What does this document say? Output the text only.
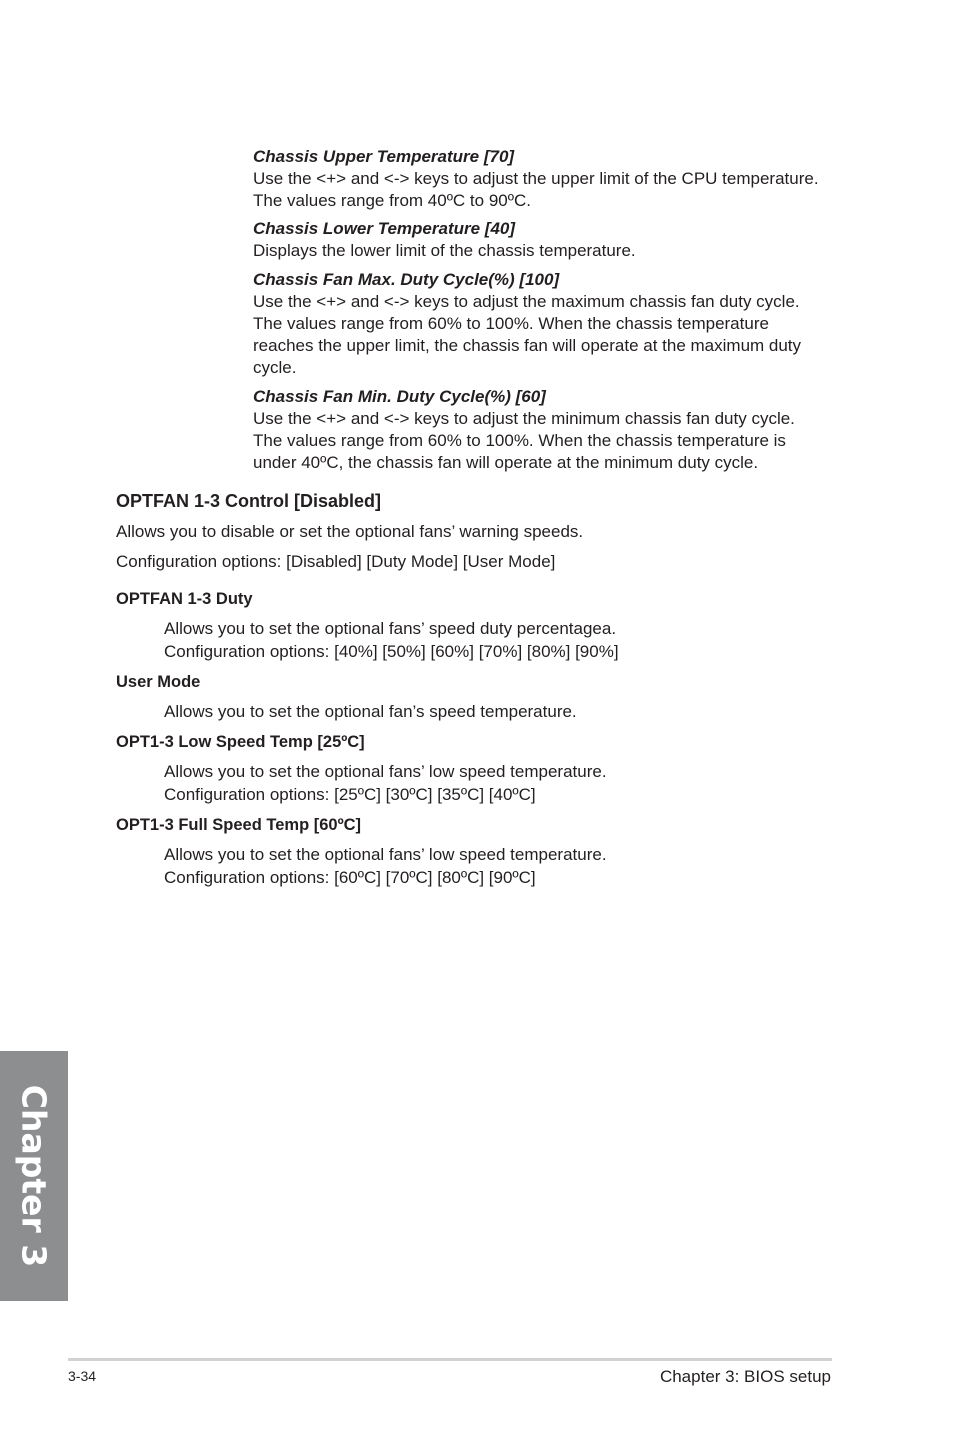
Chassis Upper Temperature [70]
Use the <+> and <-> keys to adjust the upper limit of the CPU temperature.
The values range from 40ºC to 90ºC.
Chassis Lower Temperature [40]
Displays the lower limit of the chassis temperature.
Chassis Fan Max. Duty Cycle(%) [100]
Use the <+> and <-> keys to adjust the maximum chassis fan duty cycle.
The values range from 60% to 100%. When the chassis temperature
reaches the upper limit, the chassis fan will operate at the maximum duty
cycle.
Chassis Fan Min. Duty Cycle(%) [60]
Use the <+> and <-> keys to adjust the minimum chassis fan duty cycle.
The values range from 60% to 100%. When the chassis temperature is
under 40ºC, the chassis fan will operate at the minimum duty cycle.
OPTFAN 1-3 Control [Disabled]
Allows you to disable or set the optional fans’ warning speeds.
Configuration options: [Disabled] [Duty Mode] [User Mode]
OPTFAN 1-3 Duty
Allows you to set the optional fans’ speed duty percentagea.
Configuration options: [40%] [50%] [60%] [70%] [80%] [90%]
User Mode
Allows you to set the optional fan’s speed temperature.
OPT1-3 Low Speed Temp [25ºC]
Allows you to set the optional fans’ low speed temperature.
Configuration options: [25ºC] [30ºC] [35ºC] [40ºC]
OPT1-3 Full Speed Temp [60ºC]
Allows you to set the optional fans’ low speed temperature.
Configuration options: [60ºC] [70ºC] [80ºC] [90ºC]
Chapter 3
3-34	Chapter 3: BIOS setup
